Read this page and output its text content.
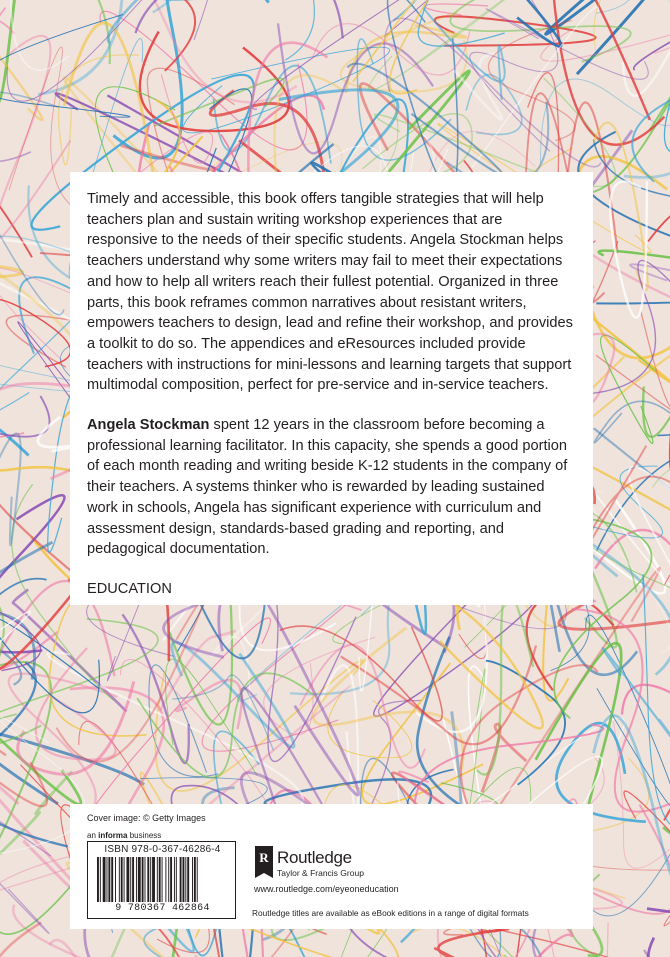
Timely and accessible, this book offers tangible strategies that will help teachers plan and sustain writing workshop experiences that are responsive to the needs of their specific students. Angela Stockman helps teachers understand why some writers may fail to meet their expectations and how to help all writers reach their fullest potential. Organized in three parts, this book reframes common narratives about resistant writers, empowers teachers to design, lead and refine their workshop, and provides a toolkit to do so. The appendices and eResources included provide teachers with instructions for mini-lessons and learning targets that support multimodal composition, perfect for pre-service and in-service teachers.

Angela Stockman spent 12 years in the classroom before becoming a professional learning facilitator. In this capacity, she spends a good portion of each month reading and writing beside K-12 students in the company of their teachers. A systems thinker who is rewarded by leading sustained work in schools, Angela has significant experience with curriculum and assessment design, standards-based grading and reporting, and pedagogical documentation.

EDUCATION

Cover image: © Getty Images
an informa business
ISBN 978-0-367-46286-4
9 780367 462864
R Routledge
Taylor & Francis Group
www.routledge.com/eyeoneducation
Routledge titles are available as eBook editions in a range of digital formats
